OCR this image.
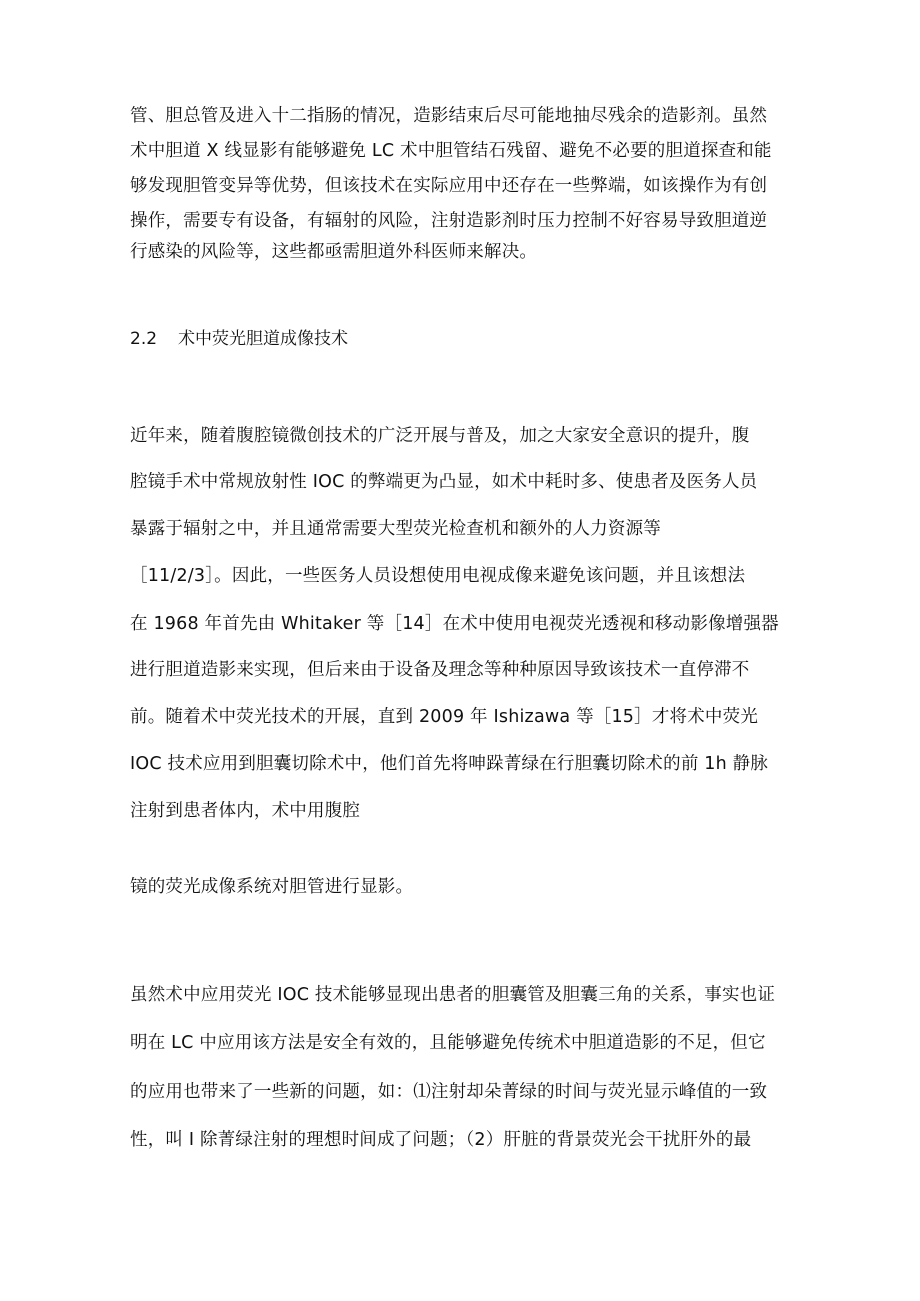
管、胆总管及进入十二指肠的情况，造影结束后尽可能地抽尽残余的造影剂。虽然
术中胆道 X 线显影有能够避免 LC 术中胆管结石残留、避免不必要的胆道探查和能
够发现胆管变异等优势，但该技术在实际应用中还存在一些弊端，如该操作为有创
操作，需要专有设备，有辐射的风险，注射造影剂时压力控制不好容易导致胆道逆
行感染的风险等，这些都亟需胆道外科医师来解决。
2.2 术中荧光胆道成像技术
近年来，随着腹腔镜微创技术的广泛开展与普及，加之大家安全意识的提升，腹
腔镜手术中常规放射性 IOC 的弊端更为凸显，如术中耗时多、使患者及医务人员
暴露于辐射之中，并且通常需要大型荧光检查机和额外的人力资源等
［11/2/3］。因此，一些医务人员设想使用电视成像来避免该问题，并且该想法
在 1968 年首先由 Whitaker 等［14］在术中使用电视荧光透视和移动影像增强器
进行胆道造影来实现，但后来由于设备及理念等种种原因导致该技术一直停滞不
前。随着术中荧光技术的开展，直到 2009 年 Ishizawa 等［15］才将术中荧光
IOC 技术应用到胆囊切除术中，他们首先将呻跺菁绿在行胆囊切除术的前 1h 静脉
注射到患者体内，术中用腹腔
镜的荧光成像系统对胆管进行显影。
虽然术中应用荧光 IOC 技术能够显现出患者的胆囊管及胆囊三角的关系，事实也证
明在 LC 中应用该方法是安全有效的，且能够避免传统术中胆道造影的不足，但它
的应用也带来了一些新的问题，如：⑴注射却朵菁绿的时间与荧光显示峰值的一致
性，叫 I 除菁绿注射的理想时间成了问题；（2）肝脏的背景荧光会干扰肝外的最
